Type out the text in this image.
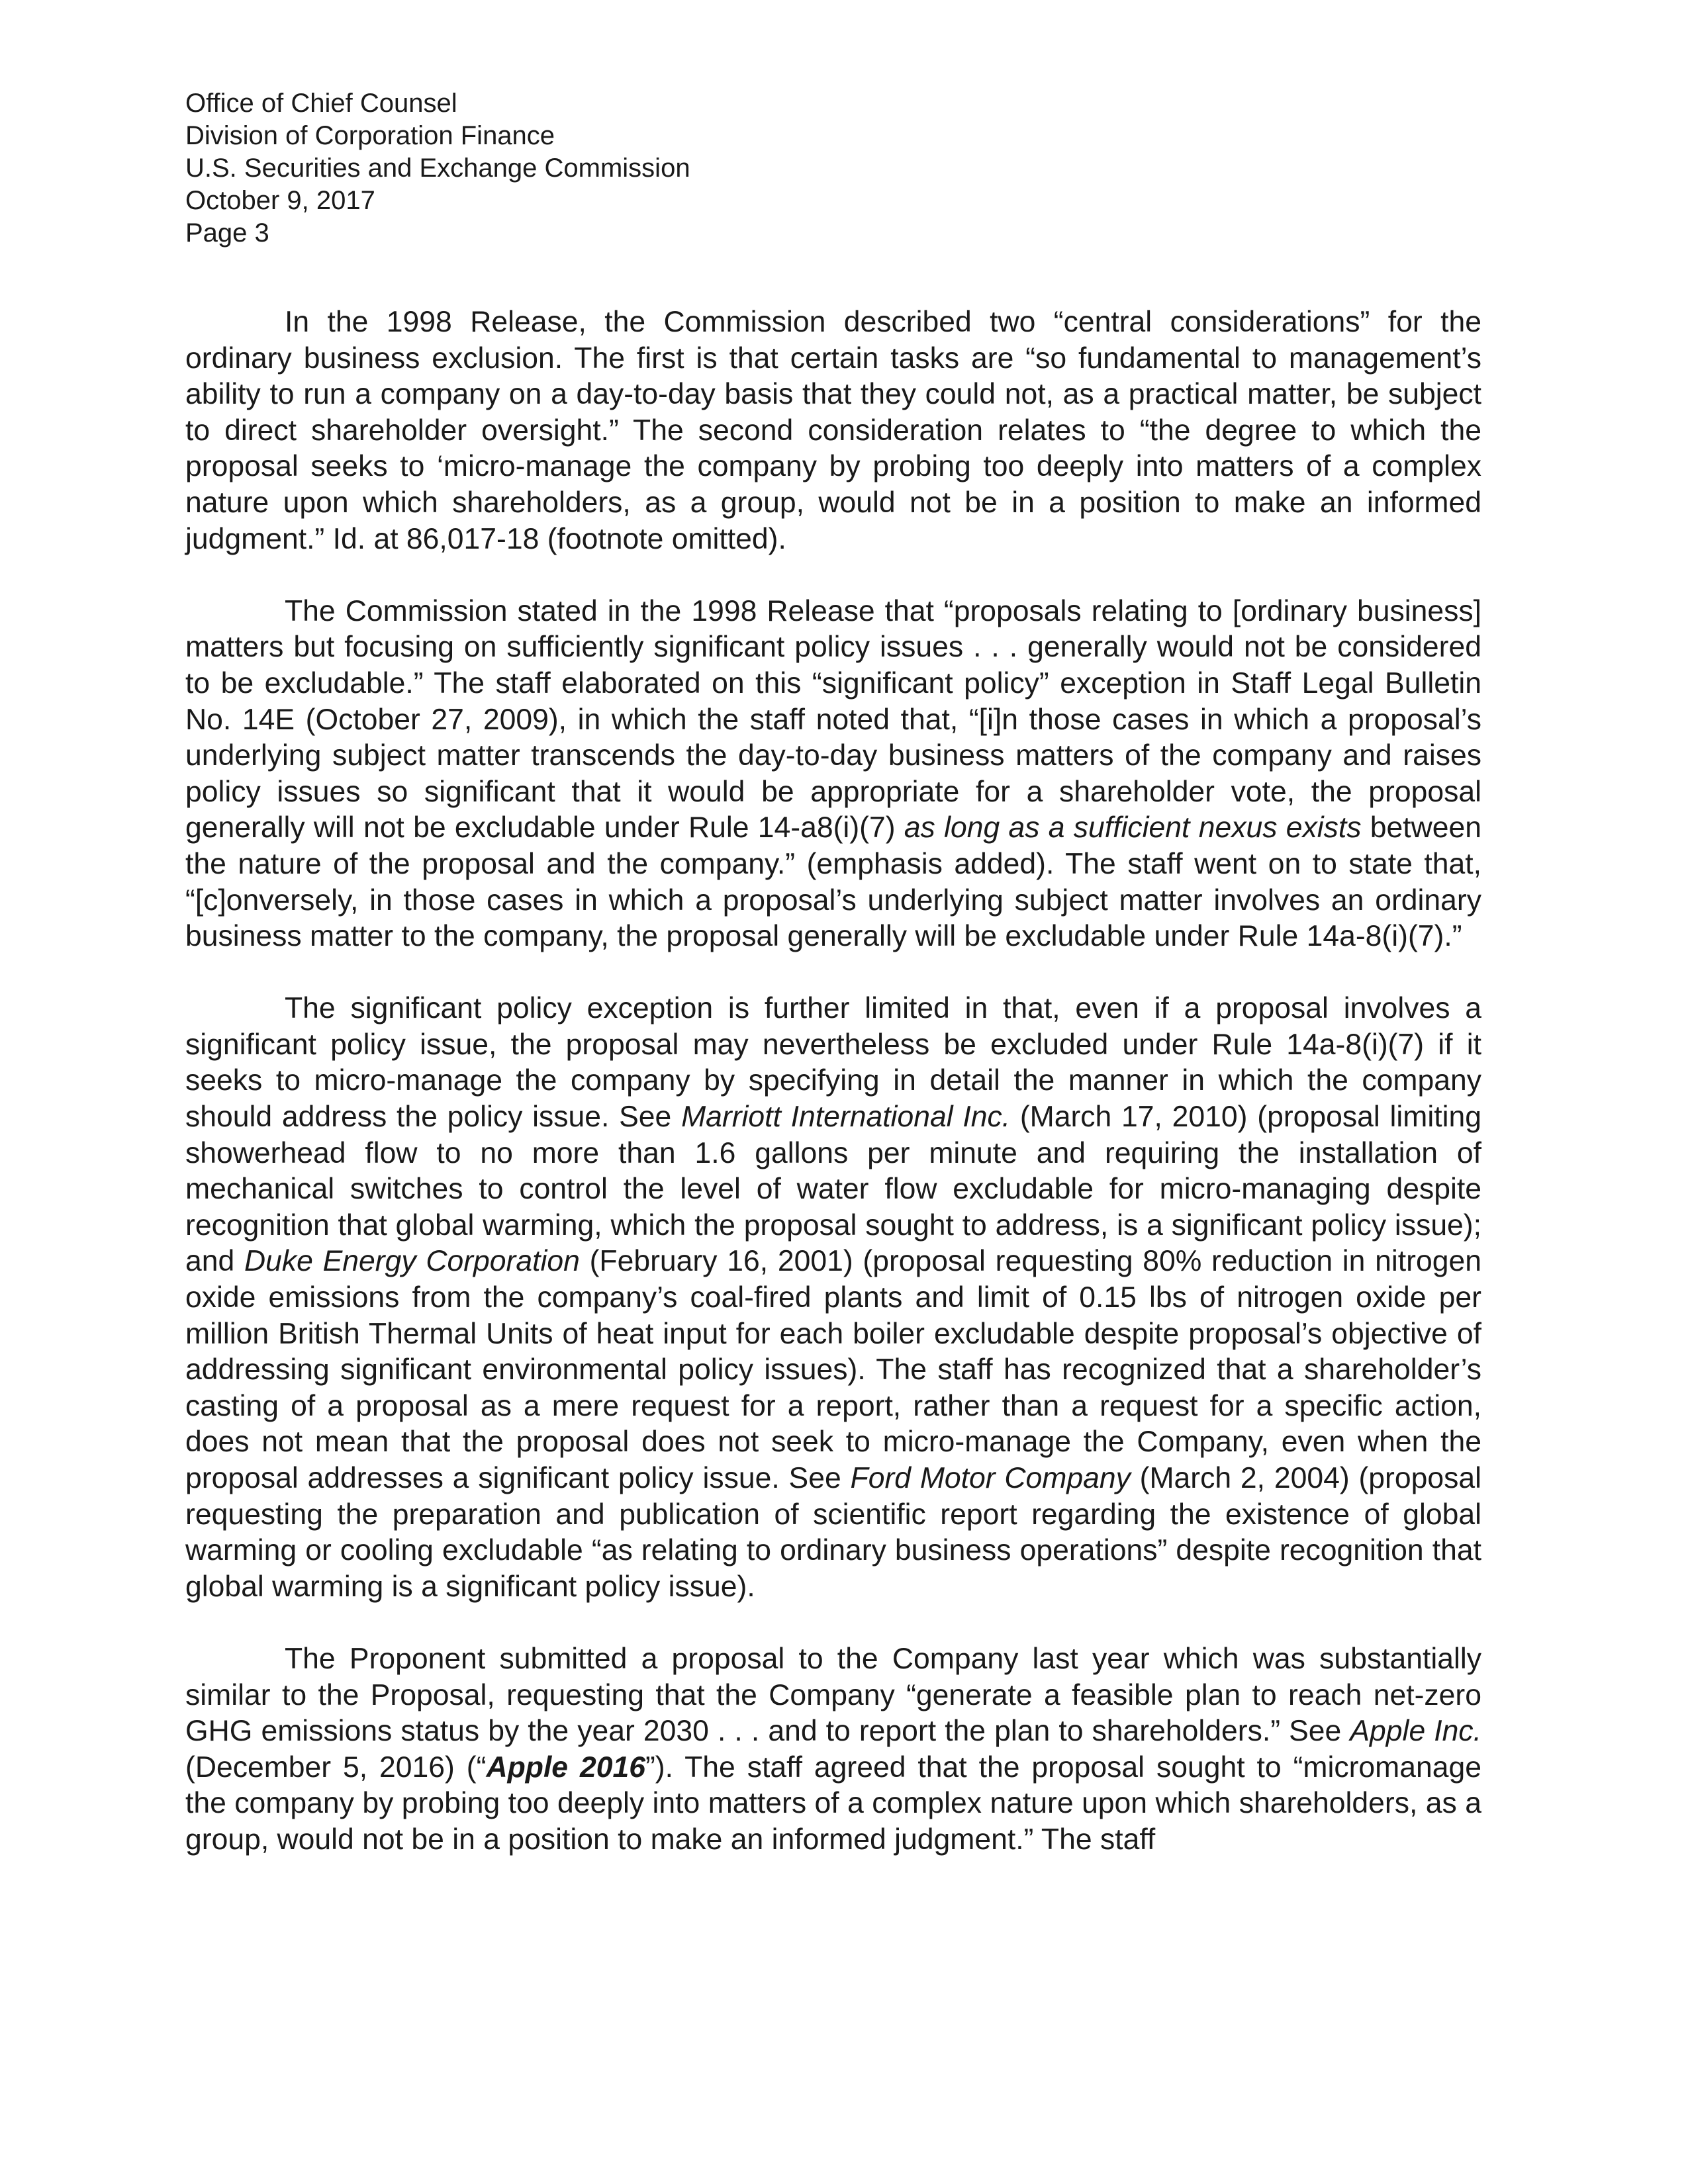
Office of Chief Counsel
Division of Corporation Finance
U.S. Securities and Exchange Commission
October 9, 2017
Page 3

In the 1998 Release, the Commission described two “central considerations” for the ordinary business exclusion. The first is that certain tasks are “so fundamental to management’s ability to run a company on a day-to-day basis that they could not, as a practical matter, be subject to direct shareholder oversight.” The second consideration relates to “the degree to which the proposal seeks to ‘micro-manage the company by probing too deeply into matters of a complex nature upon which shareholders, as a group, would not be in a position to make an informed judgment.” Id. at 86,017-18 (footnote omitted).

The Commission stated in the 1998 Release that “proposals relating to [ordinary business] matters but focusing on sufficiently significant policy issues . . . generally would not be considered to be excludable.” The staff elaborated on this “significant policy” exception in Staff Legal Bulletin No. 14E (October 27, 2009), in which the staff noted that, “[i]n those cases in which a proposal’s underlying subject matter transcends the day-to-day business matters of the company and raises policy issues so significant that it would be appropriate for a shareholder vote, the proposal generally will not be excludable under Rule 14-a8(i)(7) as long as a sufficient nexus exists between the nature of the proposal and the company.” (emphasis added). The staff went on to state that, “[c]onversely, in those cases in which a proposal’s underlying subject matter involves an ordinary business matter to the company, the proposal generally will be excludable under Rule 14a-8(i)(7).”

The significant policy exception is further limited in that, even if a proposal involves a significant policy issue, the proposal may nevertheless be excluded under Rule 14a-8(i)(7) if it seeks to micro-manage the company by specifying in detail the manner in which the company should address the policy issue. See Marriott International Inc. (March 17, 2010) (proposal limiting showerhead flow to no more than 1.6 gallons per minute and requiring the installation of mechanical switches to control the level of water flow excludable for micro-managing despite recognition that global warming, which the proposal sought to address, is a significant policy issue); and Duke Energy Corporation (February 16, 2001) (proposal requesting 80% reduction in nitrogen oxide emissions from the company’s coal-fired plants and limit of 0.15 lbs of nitrogen oxide per million British Thermal Units of heat input for each boiler excludable despite proposal’s objective of addressing significant environmental policy issues). The staff has recognized that a shareholder’s casting of a proposal as a mere request for a report, rather than a request for a specific action, does not mean that the proposal does not seek to micro-manage the Company, even when the proposal addresses a significant policy issue. See Ford Motor Company (March 2, 2004) (proposal requesting the preparation and publication of scientific report regarding the existence of global warming or cooling excludable “as relating to ordinary business operations” despite recognition that global warming is a significant policy issue).

The Proponent submitted a proposal to the Company last year which was substantially similar to the Proposal, requesting that the Company “generate a feasible plan to reach net-zero GHG emissions status by the year 2030 . . . and to report the plan to shareholders.” See Apple Inc. (December 5, 2016) (“Apple 2016”). The staff agreed that the proposal sought to “micromanage the company by probing too deeply into matters of a complex nature upon which shareholders, as a group, would not be in a position to make an informed judgment.” The staff
